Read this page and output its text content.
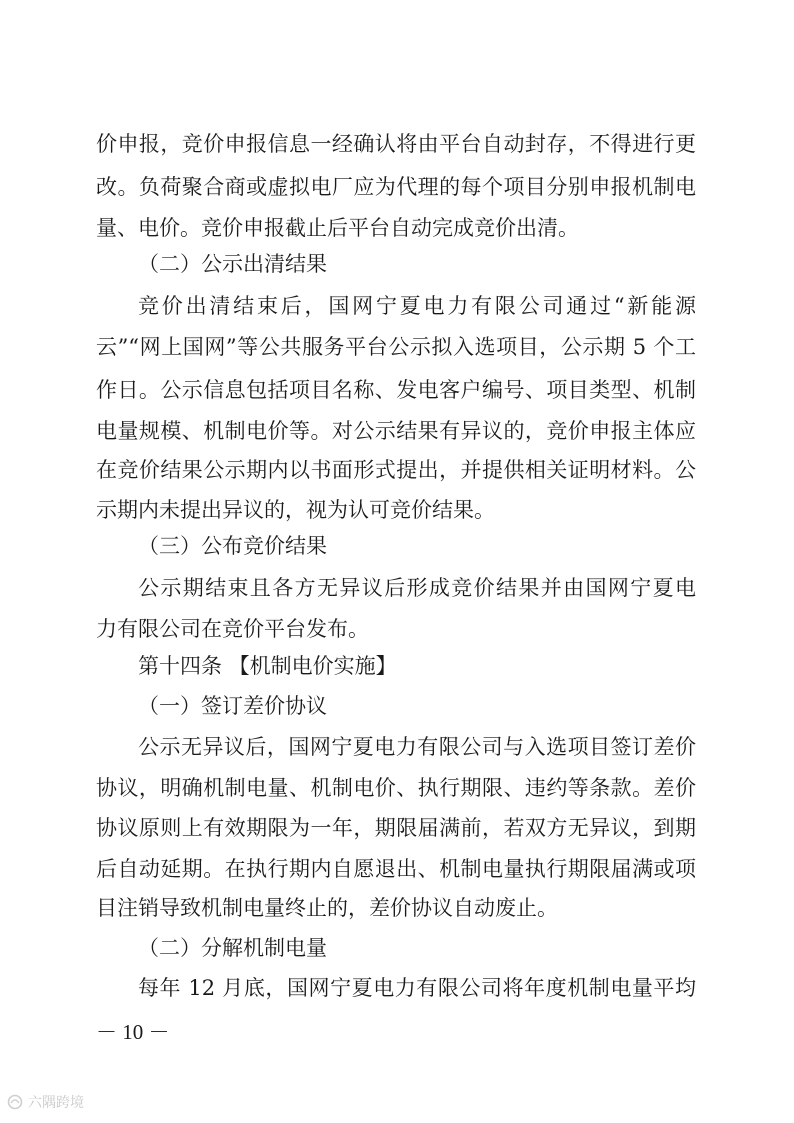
价申报，竞价申报信息一经确认将由平台自动封存，不得进行更
改。负荷聚合商或虚拟电厂应为代理的每个项目分别申报机制电
量、电价。竞价申报截止后平台自动完成竞价出清。
（二）公示出清结果
竞价出清结束后，国网宁夏电力有限公司通过“新能源
云”“网上国网”等公共服务平台公示拟入选项目，公示期 5 个工
作日。公示信息包括项目名称、发电客户编号、项目类型、机制
电量规模、机制电价等。对公示结果有异议的，竞价申报主体应
在竞价结果公示期内以书面形式提出，并提供相关证明材料。公
示期内未提出异议的，视为认可竞价结果。
（三）公布竞价结果
公示期结束且各方无异议后形成竞价结果并由国网宁夏电
力有限公司在竞价平台发布。
第十四条 【机制电价实施】
（一）签订差价协议
公示无异议后，国网宁夏电力有限公司与入选项目签订差价
协议，明确机制电量、机制电价、执行期限、违约等条款。差价
协议原则上有效期限为一年，期限届满前，若双方无异议，到期
后自动延期。在执行期内自愿退出、机制电量执行期限届满或项
目注销导致机制电量终止的，差价协议自动废止。
（二）分解机制电量
每年 12 月底，国网宁夏电力有限公司将年度机制电量平均
－ 10 －
六隅跨境
